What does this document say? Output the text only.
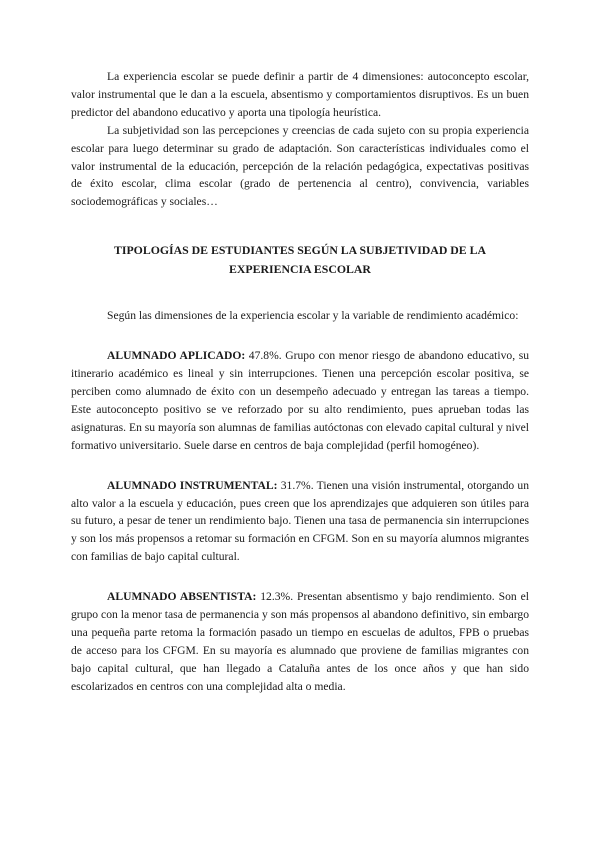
La experiencia escolar se puede definir a partir de 4 dimensiones: autoconcepto escolar, valor instrumental que le dan a la escuela, absentismo y comportamientos disruptivos. Es un buen predictor del abandono educativo y aporta una tipología heurística.

La subjetividad son las percepciones y creencias de cada sujeto con su propia experiencia escolar para luego determinar su grado de adaptación. Son características individuales como el valor instrumental de la educación, percepción de la relación pedagógica, expectativas positivas de éxito escolar, clima escolar (grado de pertenencia al centro), convivencia, variables sociodemográficas y sociales…

TIPOLOGÍAS DE ESTUDIANTES SEGÚN LA SUBJETIVIDAD DE LA EXPERIENCIA ESCOLAR

Según las dimensiones de la experiencia escolar y la variable de rendimiento académico:

ALUMNADO APLICADO: 47.8%. Grupo con menor riesgo de abandono educativo, su itinerario académico es lineal y sin interrupciones. Tienen una percepción escolar positiva, se perciben como alumnado de éxito con un desempeño adecuado y entregan las tareas a tiempo. Este autoconcepto positivo se ve reforzado por su alto rendimiento, pues aprueban todas las asignaturas. En su mayoría son alumnas de familias autóctonas con elevado capital cultural y nivel formativo universitario. Suele darse en centros de baja complejidad (perfil homogéneo).

ALUMNADO INSTRUMENTAL: 31.7%. Tienen una visión instrumental, otorgando un alto valor a la escuela y educación, pues creen que los aprendizajes que adquieren son útiles para su futuro, a pesar de tener un rendimiento bajo. Tienen una tasa de permanencia sin interrupciones y son los más propensos a retomar su formación en CFGM. Son en su mayoría alumnos migrantes con familias de bajo capital cultural.

ALUMNADO ABSENTISTA: 12.3%. Presentan absentismo y bajo rendimiento. Son el grupo con la menor tasa de permanencia y son más propensos al abandono definitivo, sin embargo una pequeña parte retoma la formación pasado un tiempo en escuelas de adultos, FPB o pruebas de acceso para los CFGM. En su mayoría es alumnado que proviene de familias migrantes con bajo capital cultural, que han llegado a Cataluña antes de los once años y que han sido escolarizados en centros con una complejidad alta o media.
